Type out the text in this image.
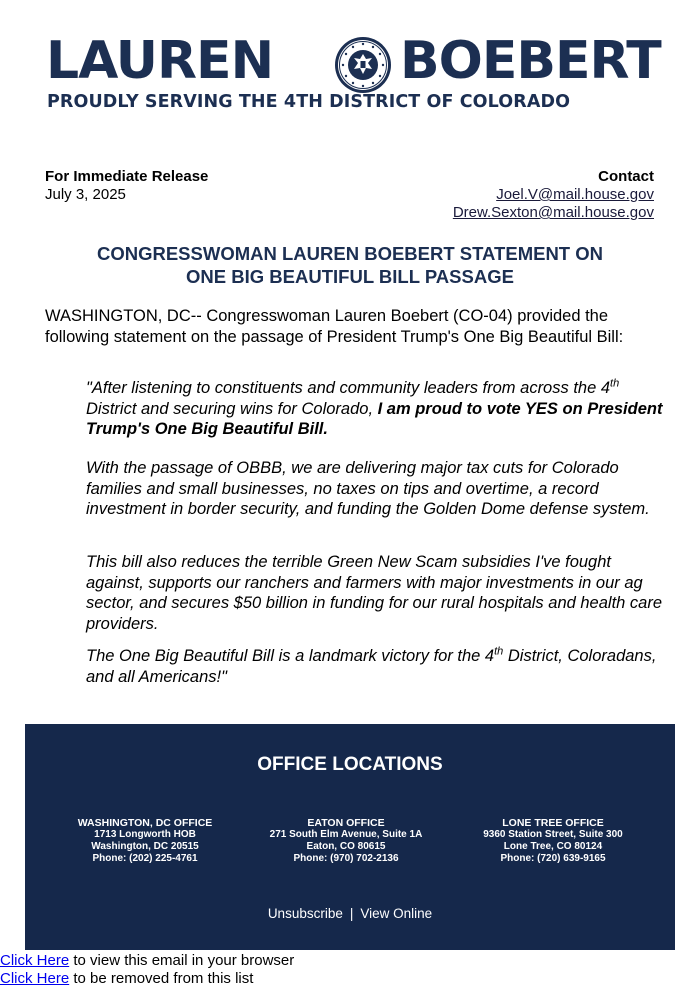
LAUREN BOEBERT
PROUDLY SERVING THE 4TH DISTRICT OF COLORADO
For Immediate Release
July 3, 2025
Contact
Joel.V@mail.house.gov
Drew.Sexton@mail.house.gov
CONGRESSWOMAN LAUREN BOEBERT STATEMENT ON
ONE BIG BEAUTIFUL BILL PASSAGE
WASHINGTON, DC-- Congresswoman Lauren Boebert (CO-04) provided the following statement on the passage of President Trump's One Big Beautiful Bill:
"After listening to constituents and community leaders from across the 4th District and securing wins for Colorado, I am proud to vote YES on President Trump's One Big Beautiful Bill.
With the passage of OBBB, we are delivering major tax cuts for Colorado families and small businesses, no taxes on tips and overtime, a record investment in border security, and funding the Golden Dome defense system.
This bill also reduces the terrible Green New Scam subsidies I've fought against, supports our ranchers and farmers with major investments in our ag sector, and secures $50 billion in funding for our rural hospitals and health care providers.
The One Big Beautiful Bill is a landmark victory for the 4th District, Coloradans, and all Americans!"
OFFICE LOCATIONS
WASHINGTON, DC OFFICE
1713 Longworth HOB
Washington, DC 20515
Phone: (202) 225-4761
EATON OFFICE
271 South Elm Avenue, Suite 1A
Eaton, CO 80615
Phone: (970) 702-2136
LONE TREE OFFICE
9360 Station Street, Suite 300
Lone Tree, CO 80124
Phone: (720) 639-9165
Unsubscribe | View Online
Click Here to view this email in your browser
Click Here to be removed from this list
